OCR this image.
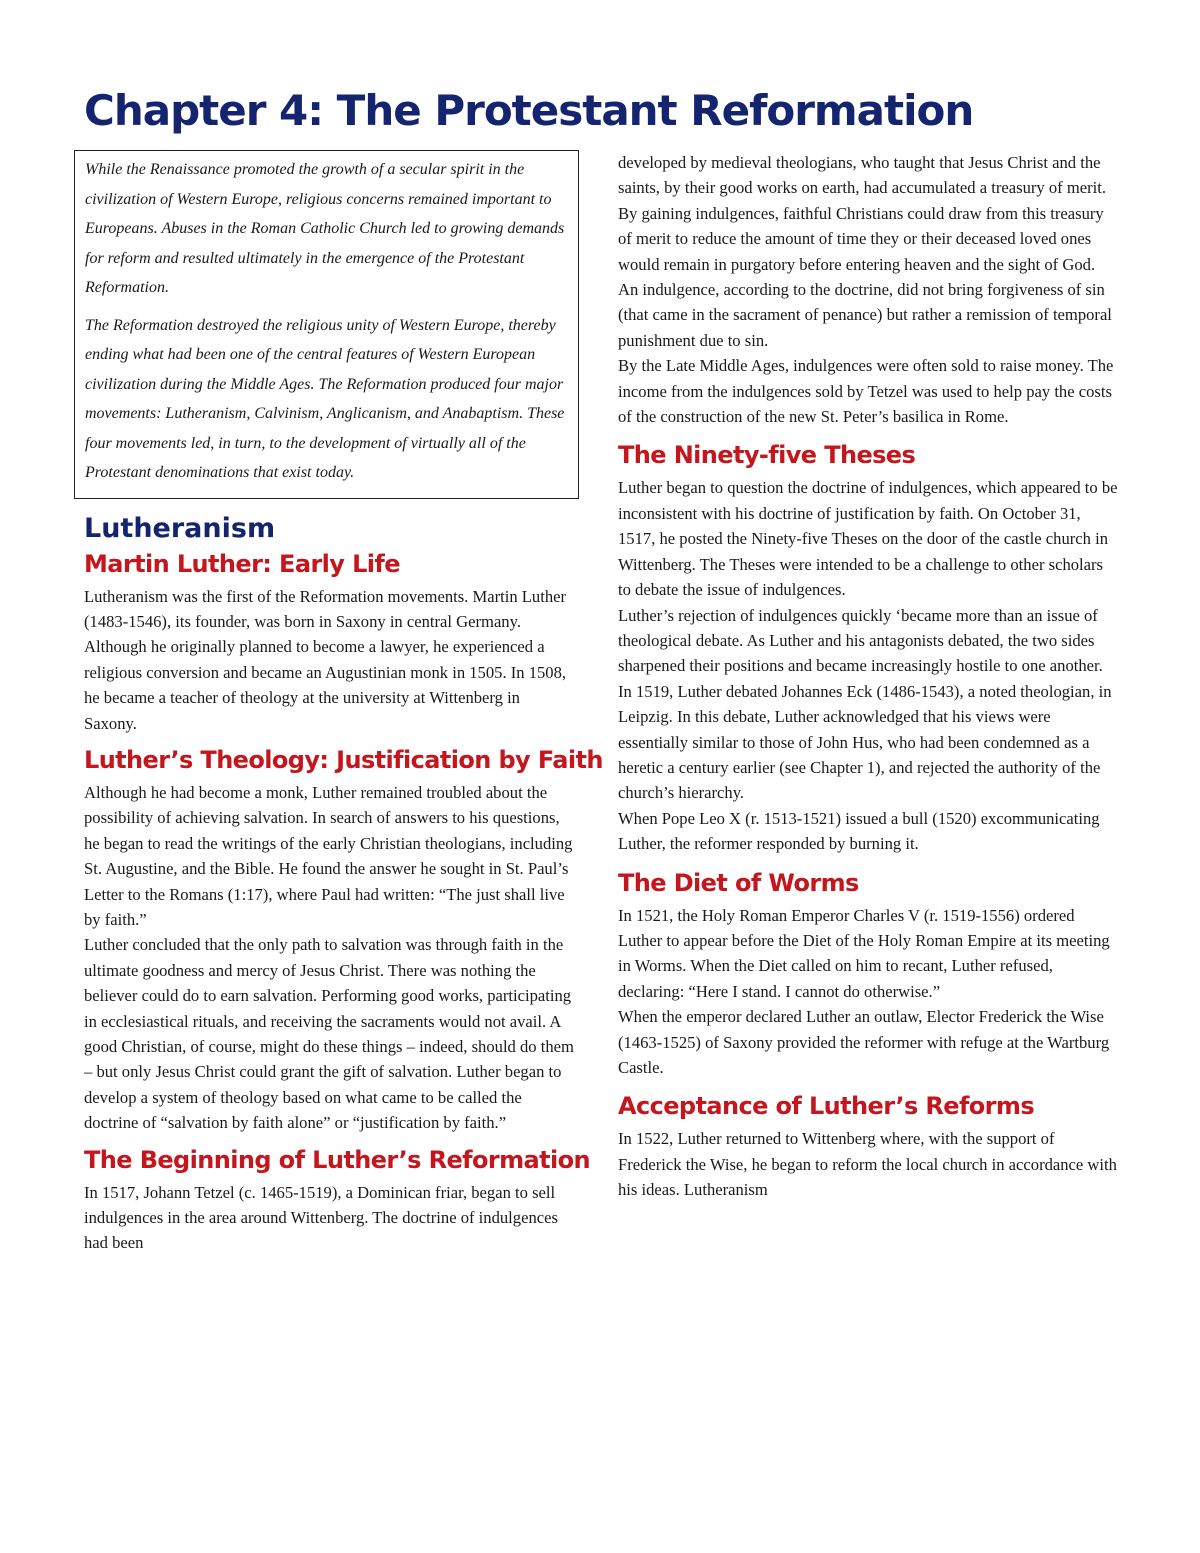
Chapter 4: The Protestant Reformation

While the Renaissance promoted the growth of a secular spirit in the civilization of Western Europe, religious concerns remained important to Europeans. Abuses in the Roman Catholic Church led to growing demands for reform and resulted ultimately in the emergence of the Protestant Reformation.

The Reformation destroyed the religious unity of Western Europe, thereby ending what had been one of the central features of Western European civilization during the Middle Ages. The Reformation produced four major movements: Lutheranism, Calvinism, Anglicanism, and Anabaptism. These four movements led, in turn, to the development of virtually all of the Protestant denominations that exist today.

Lutheranism
Martin Luther: Early Life

Lutheranism was the first of the Reformation movements. Martin Luther (1483-1546), its founder, was born in Saxony in central Germany. Although he originally planned to become a lawyer, he experienced a religious conversion and became an Augustinian monk in 1505. In 1508, he became a teacher of theology at the university at Wittenberg in Saxony.

Luther’s Theology: Justification by Faith

Although he had become a monk, Luther remained troubled about the possibility of achieving salvation. In search of answers to his questions, he began to read the writings of the early Christian theologians, including St. Augustine, and the Bible. He found the answer he sought in St. Paul’s Letter to the Romans (1:17), where Paul had written: “The just shall live by faith.”

Luther concluded that the only path to salvation was through faith in the ultimate goodness and mercy of Jesus Christ. There was nothing the believer could do to earn salvation. Performing good works, participating in ecclesiastical rituals, and receiving the sacraments would not avail. A good Christian, of course, might do these things – indeed, should do them – but only Jesus Christ could grant the gift of salvation. Luther began to develop a system of theology based on what came to be called the doctrine of “salvation by faith alone” or “justification by faith.”

The Beginning of Luther’s Reformation

In 1517, Johann Tetzel (c. 1465-1519), a Dominican friar, began to sell indulgences in the area around Wittenberg. The doctrine of indulgences had been

developed by medieval theologians, who taught that Jesus Christ and the saints, by their good works on earth, had accumulated a treasury of merit. By gaining indulgences, faithful Christians could draw from this treasury of merit to reduce the amount of time they or their deceased loved ones would remain in purgatory before entering heaven and the sight of God. An indulgence, according to the doctrine, did not bring forgiveness of sin (that came in the sacrament of penance) but rather a remission of temporal punishment due to sin.

By the Late Middle Ages, indulgences were often sold to raise money. The income from the indulgences sold by Tetzel was used to help pay the costs of the construction of the new St. Peter’s basilica in Rome.

The Ninety-five Theses

Luther began to question the doctrine of indulgences, which appeared to be inconsistent with his doctrine of justification by faith. On October 31, 1517, he posted the Ninety-five Theses on the door of the castle church in Wittenberg. The Theses were intended to be a challenge to other scholars to debate the issue of indulgences.

Luther’s rejection of indulgences quickly ‘became more than an issue of theological debate. As Luther and his antagonists debated, the two sides sharpened their positions and became increasingly hostile to one another.

In 1519, Luther debated Johannes Eck (1486-1543), a noted theologian, in Leipzig. In this debate, Luther acknowledged that his views were essentially similar to those of John Hus, who had been condemned as a heretic a century earlier (see Chapter 1), and rejected the authority of the church’s hierarchy.

When Pope Leo X (r. 1513-1521) issued a bull (1520) excommunicating Luther, the reformer responded by burning it.

The Diet of Worms

In 1521, the Holy Roman Emperor Charles V (r. 1519-1556) ordered Luther to appear before the Diet of the Holy Roman Empire at its meeting in Worms. When the Diet called on him to recant, Luther refused, declaring: “Here I stand. I cannot do otherwise.”

When the emperor declared Luther an outlaw, Elector Frederick the Wise (1463-1525) of Saxony provided the reformer with refuge at the Wartburg Castle.

Acceptance of Luther’s Reforms

In 1522, Luther returned to Wittenberg where, with the support of Frederick the Wise, he began to reform the local church in accordance with his ideas. Lutheranism
